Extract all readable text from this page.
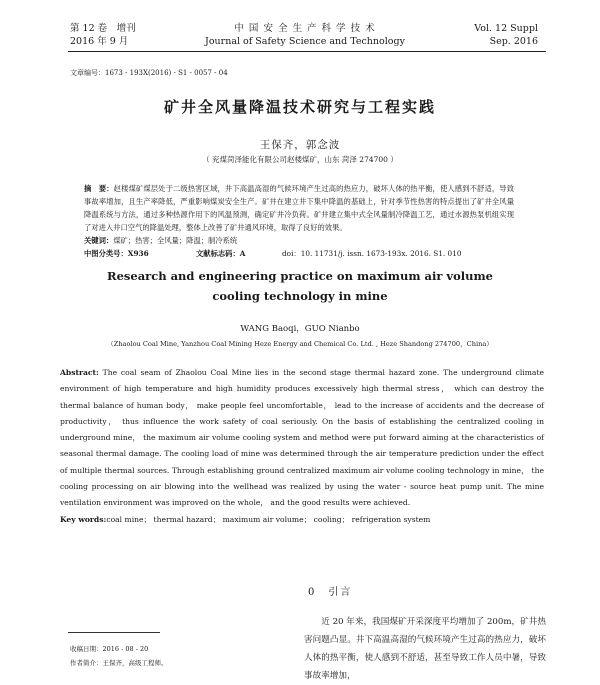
第 12 卷　增刊
2016 年 9 月
中 国 安 全 生 产 科 学 技 术
Journal of Safety Science and Technology
Vol. 12 Suppl
Sep. 2016
文章编号：1673 - 193X(2016) - S1 - 0057 - 04
矿井全风量降温技术研究与工程实践
王保齐，郭念波
（ 兖煤菏泽能化有限公司赵楼煤矿，山东 菏泽 274700 ）

摘　要：赵楼煤矿煤层处于二级热害区域，井下高温高湿的气候环境产生过高的热应力，破坏人体的热平衡，使人感到不舒适，导致事故率增加，且生产率降低，严重影响煤炭安全生产。矿井在建立井下集中降温的基础上，针对季节性热害的特点提出了矿井全风量降温系统与方法，通过多种热源作用下的风温预测，确定矿井冷负荷。矿井建立集中式全风量制冷降温工艺，通过水源热泵机组实现了对进入井口空气的降温处理，整体上改善了矿井通风环境，取得了良好的效果。

关键词：煤矿；热害；全风量；降温；制冷系统

中图分类号：X936	文献标志码：A	doi：10. 11731/j. issn. 1673-193x. 2016. S1. 010

Research and engineering practice on maximum air volume
cooling technology in mine
WANG Baoqi，GUO Nianbo
（Zhaolou Coal Mine, Yanzhou Coal Mining Heze Energy and Chemical Co. Ltd. , Heze Shandong 274700，China）

Abstract: The coal seam of Zhaolou Coal Mine lies in the second stage thermal hazard zone. The underground climate environment of high temperature and high humidity produces excessively high thermal stress， which can destroy the thermal balance of human body， make people feel uncomfortable， lead to the increase of accidents and the decrease of productivity， thus influence the work safety of coal seriously. On the basis of establishing the centralized cooling in underground mine， the maximum air volume cooling system and method were put forward aiming at the characteristics of seasonal thermal damage. The cooling load of mine was determined through the air temperature prediction under the effect of multiple thermal sources. Through establishing ground centralized maximum air volume cooling technology in mine， the cooling processing on air blowing into the wellhead was realized by using the water - source heat pump unit. The mine ventilation environment was improved on the whole， and the good results were achieved.

Key words:coal mine； thermal hazard； maximum air volume； cooling； refrigeration system

0　引言

近 20 年来，我国煤矿开采深度平均增加了 200m，矿井热害问题凸显。井下高温高湿的气候环境产生过高的热应力，破坏人体的热平衡，使人感到不舒适，甚至导致工作人员中暑，导致事故率增加，

收稿日期：2016 - 08 - 20
作者简介：王保齐，高级工程师。
